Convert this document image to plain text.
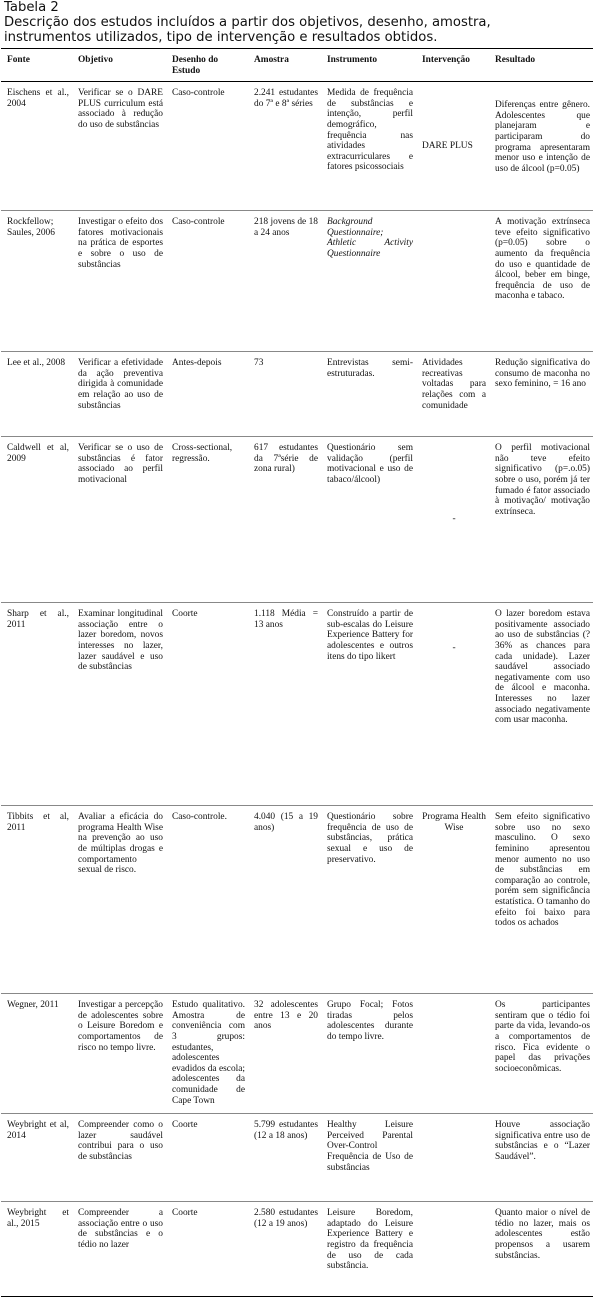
Tabela 2
Descrição dos estudos incluídos a partir dos objetivos, desenho, amostra,
instrumentos utilizados, tipo de intervenção e resultados obtidos.
Fonte	Objetivo	Desenho do Estudo	Amostra	Instrumento	Intervenção	Resultado
Eischens et al., 2004	Verificar se o DARE PLUS curriculum está associado à redução do uso de substâncias	Caso-controle	2.241 estudantes do 7ª e 8ª séries	Medida de frequência de substâncias e intenção, perfil demográfico, frequência nas atividades extracurriculares e fatores psicossociais	DARE PLUS	Diferenças entre gênero. Adolescentes que planejaram e participaram do programa apresentaram menor uso e intenção de uso de álcool (p=0.05)
Rockfellow; Saules, 2006	Investigar o efeito dos fatores motivacionais na prática de esportes e sobre o uso de substâncias	Caso-controle	218 jovens de 18 a 24 anos	Background Questionnaire; Athletic Activity Questionnaire		A motivação extrínseca teve efeito significativo (p=0.05) sobre o aumento da frequência do uso e quantidade de álcool, beber em binge, frequência de uso de maconha e tabaco.
Lee et al., 2008	Verificar a efetividade da ação preventiva dirigida à comunidade em relação ao uso de substâncias	Antes-depois	73	Entrevistas semi-estruturadas.	Atividades recreativas voltadas para relações com a comunidade	Redução significativa do consumo de maconha no sexo feminino, = 16 ano
Caldwell et al, 2009	Verificar se o uso de substâncias é fator associado ao perfil motivacional	Cross-sectional, regressão.	617 estudantes da 7ªsérie de zona rural)	Questionário sem validação (perfil motivacional e uso de tabaco/álcool)	-	O perfil motivacional não teve efeito significativo (p=.o.05) sobre o uso, porém já ter fumado é fator associado à motivação/ motivação extrínseca.
Sharp et al., 2011	Examinar longitudinal associação entre o lazer boredom, novos interesses no lazer, lazer saudável e uso de substâncias	Coorte	1.118 Média = 13 anos	Construído a partir de sub-escalas do Leisure Experience Battery for adolescentes e outros itens do tipo likert	-	O lazer boredom estava positivamente associado ao uso de substâncias (?36% as chances para cada unidade). Lazer saudável associado negativamente com uso de álcool e maconha. Interesses no lazer associado negativamente com usar maconha.
Tibbits et al, 2011	Avaliar a eficácia do programa Health Wise na prevenção ao uso de múltiplas drogas e comportamento sexual de risco.	Caso-controle.	4.040 (15 a 19 anos)	Questionário sobre frequência de uso de substâncias, prática sexual e uso de preservativo.	Programa Health Wise	Sem efeito significativo sobre uso no sexo masculino. O sexo feminino apresentou menor aumento no uso de substâncias em comparação ao controle, porém sem significância estatística. O tamanho do efeito foi baixo para todos os achados
Wegner, 2011	Investigar a percepção de adolescentes sobre o Leisure Boredom e comportamentos de risco no tempo livre.	Estudo qualitativo. Amostra de conveniência com 3 grupos: estudantes, adolescentes evadidos da escola; adolescentes da comunidade de Cape Town	32 adolescentes entre 13 e 20 anos	Grupo Focal; Fotos tiradas pelos adolescentes durante do tempo livre.		Os participantes sentiram que o tédio foi parte da vida, levando-os a comportamentos de risco. Fica evidente o papel das privações socioeconômicas.
Weybright et al, 2014	Compreender como o lazer saudável contribui para o uso de substâncias	Coorte	5.799 estudantes (12 a 18 anos)	Healthy Leisure Perceived Parental Over-Control Frequência de Uso de substâncias		Houve associação significativa entre uso de substâncias e o “Lazer Saudável”.
Weybright et al., 2015	Compreender a associação entre o uso de substâncias e o tédio no lazer	Coorte	2.580 estudantes (12 a 19 anos)	Leisure Boredom, adaptado do Leisure Experience Battery e registro da frequência de uso de cada substância.		Quanto maior o nível de tédio no lazer, mais os adolescentes estão propensos a usarem substâncias.
